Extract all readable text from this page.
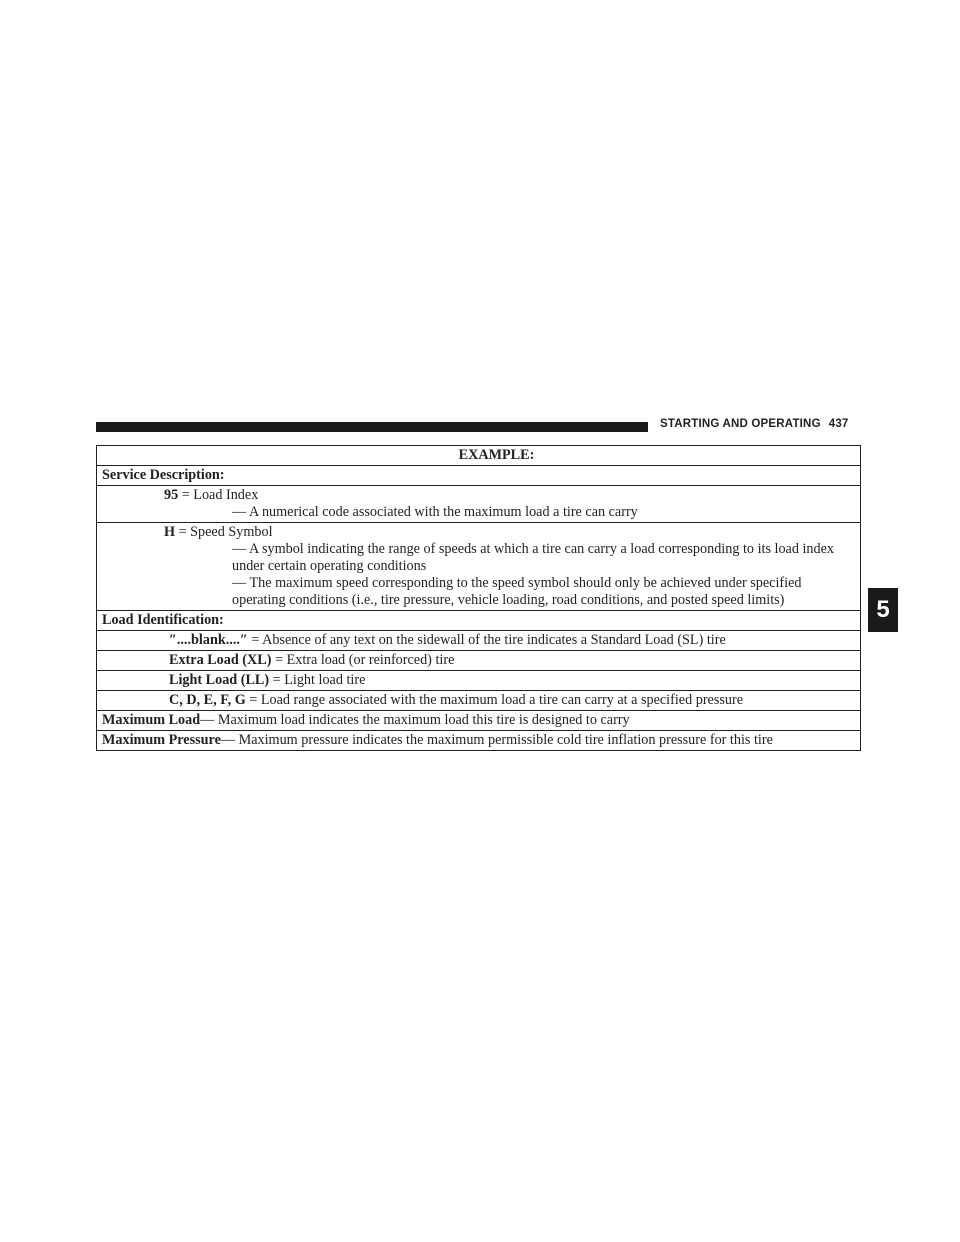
STARTING AND OPERATING 437
5
EXAMPLE:
Service Description:
95 = Load Index
— A numerical code associated with the maximum load a tire can carry
H = Speed Symbol
— A symbol indicating the range of speeds at which a tire can carry a load corresponding to its load index under certain operating conditions
— The maximum speed corresponding to the speed symbol should only be achieved under specified operating conditions (i.e., tire pressure, vehicle loading, road conditions, and posted speed limits)
Load Identification:
″....blank....″ = Absence of any text on the sidewall of the tire indicates a Standard Load (SL) tire
Extra Load (XL) = Extra load (or reinforced) tire
Light Load (LL) = Light load tire
C, D, E, F, G = Load range associated with the maximum load a tire can carry at a specified pressure
Maximum Load— Maximum load indicates the maximum load this tire is designed to carry
Maximum Pressure— Maximum pressure indicates the maximum permissible cold tire inflation pressure for this tire
